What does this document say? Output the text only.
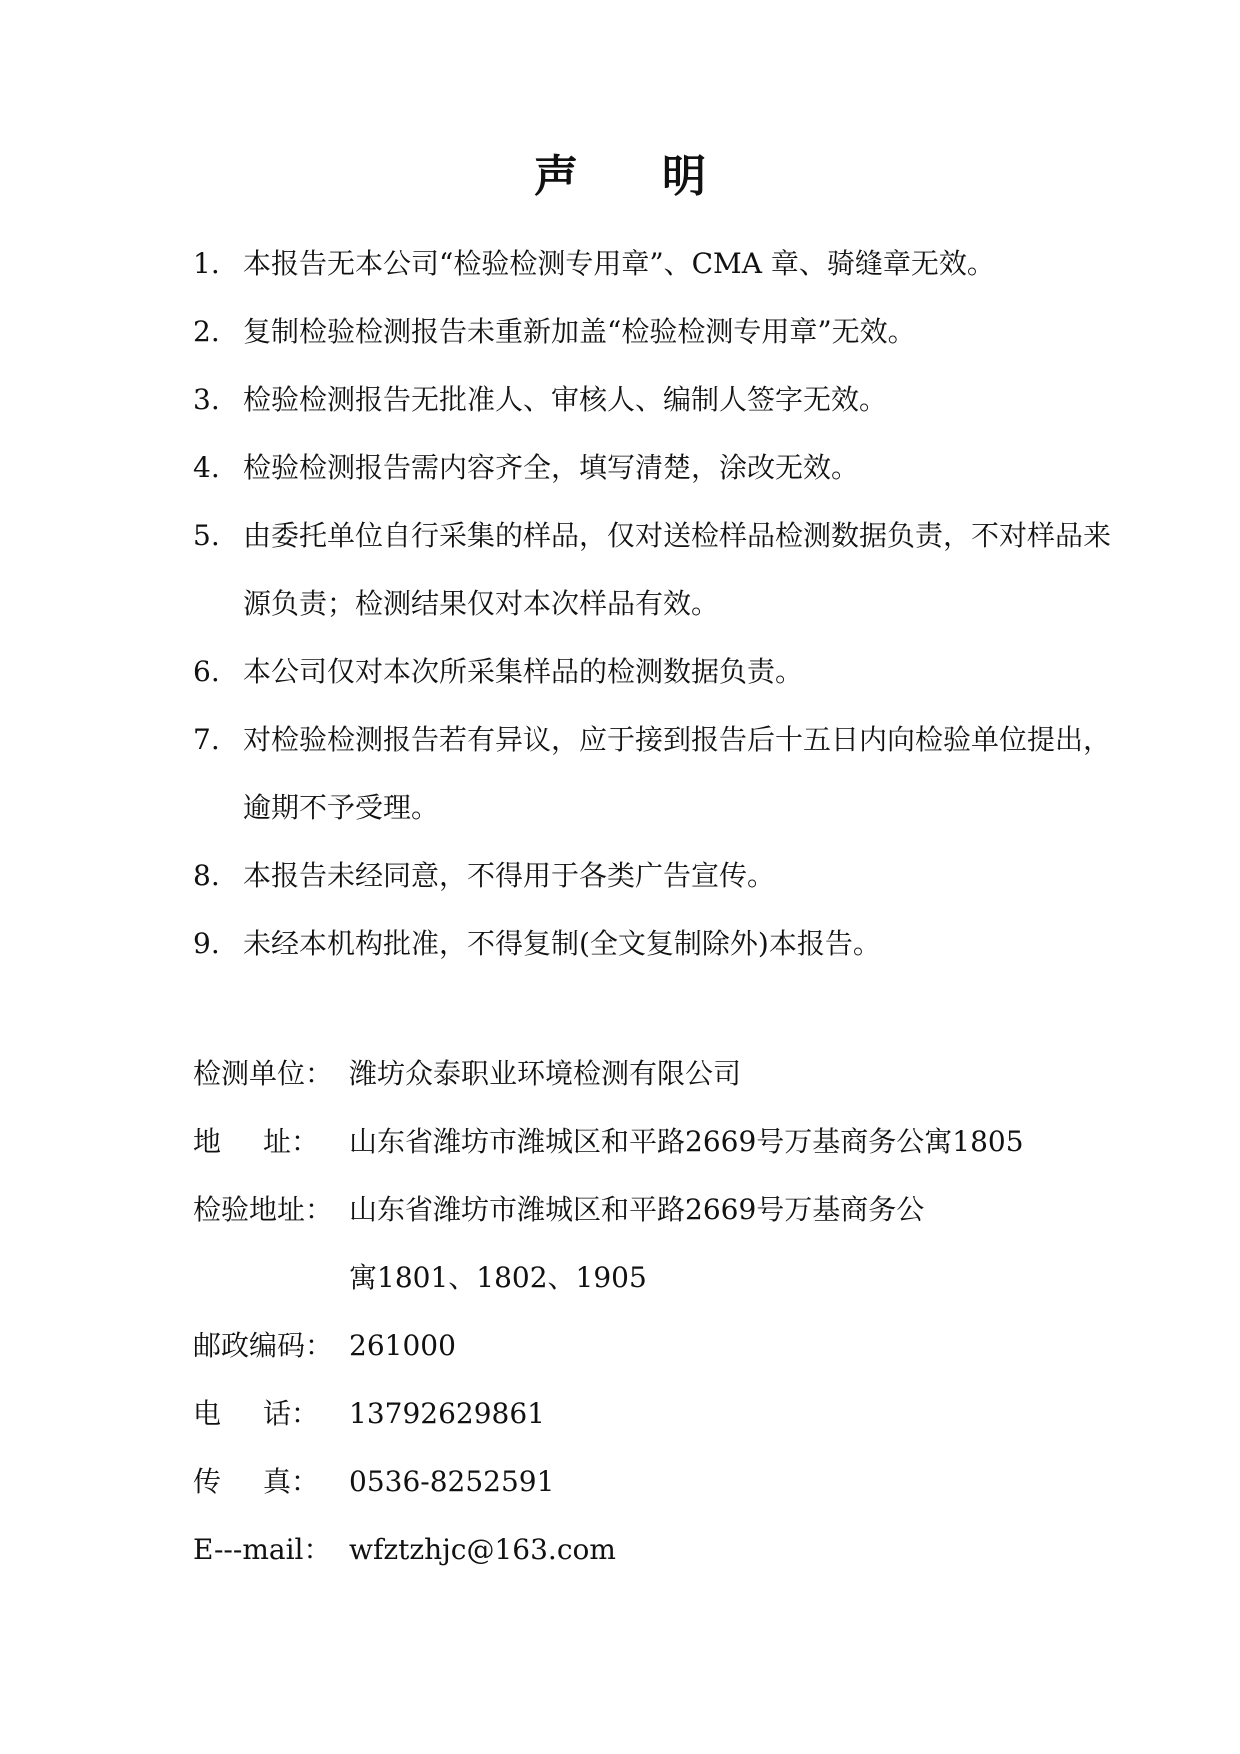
声 明
1. 本报告无本公司“检验检测专用章”、CMA 章、骑缝章无效。
2. 复制检验检测报告未重新加盖“检验检测专用章”无效。
3. 检验检测报告无批准人、审核人、编制人签字无效。
4. 检验检测报告需内容齐全，填写清楚，涂改无效。
5. 由委托单位自行采集的样品，仅对送检样品检测数据负责，不对样品来源负责；检测结果仅对本次样品有效。
6. 本公司仅对本次所采集样品的检测数据负责。
7. 对检验检测报告若有异议，应于接到报告后十五日内向检验单位提出，逾期不予受理。
8. 本报告未经同意，不得用于各类广告宣传。
9. 未经本机构批准，不得复制(全文复制除外)本报告。
检测单位： 潍坊众泰职业环境检测有限公司
地 址： 山东省潍坊市潍城区和平路2669号万基商务公寓1805
检验地址： 山东省潍坊市潍城区和平路2669号万基商务公寓1801、1802、1905
邮政编码： 261000
电 话： 13792629861
传 真： 0536-8252591
E---mail： wfztzhjc@163.com
